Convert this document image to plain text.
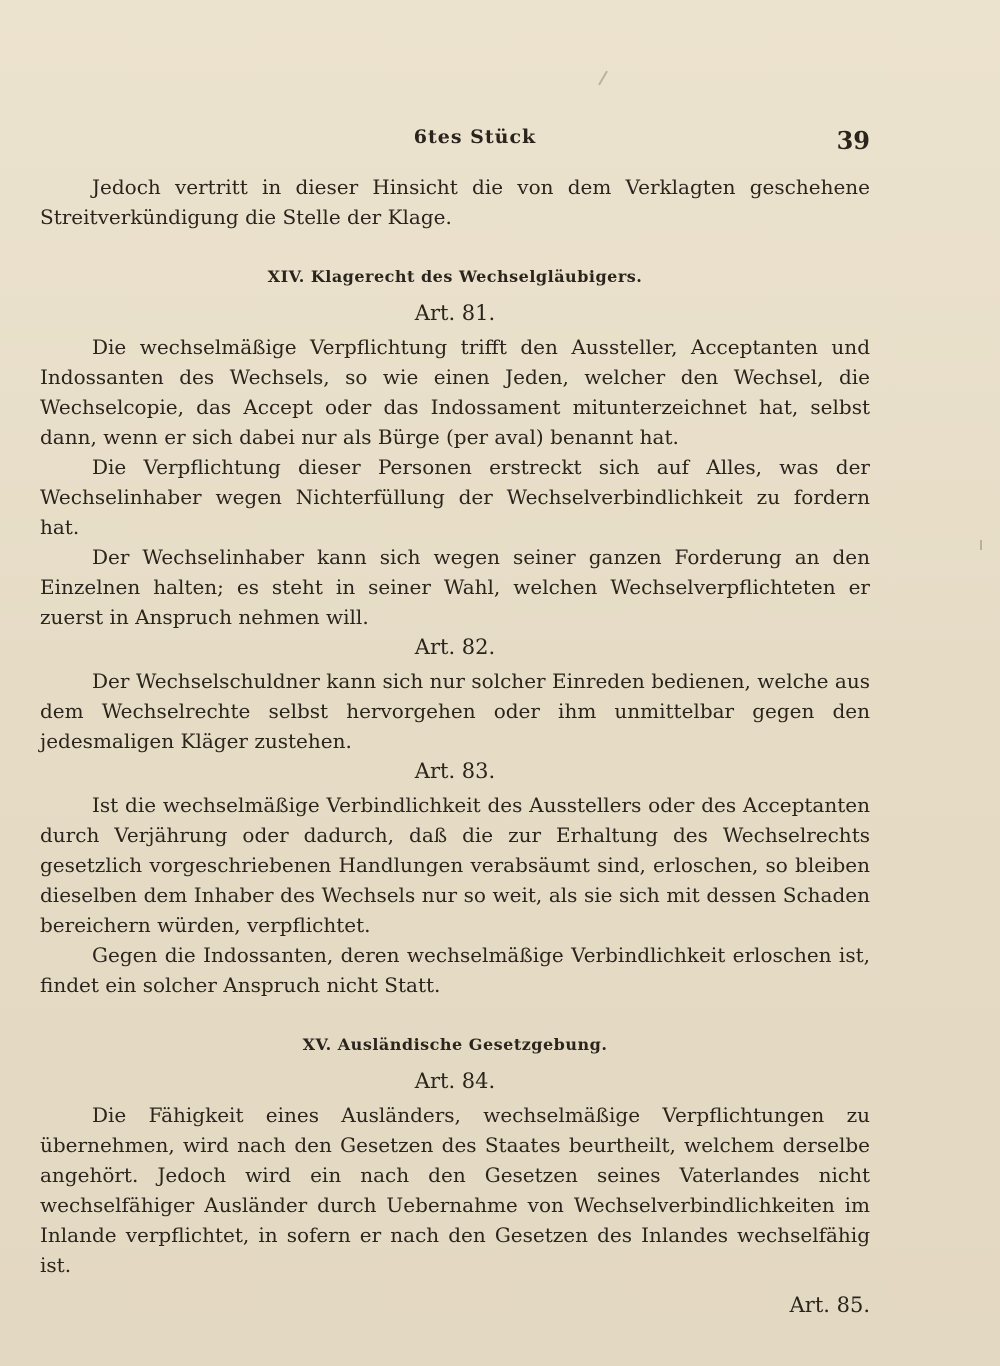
6tes Stück	39

Jedoch vertritt in dieser Hinsicht die von dem Verklagten geschehene Streitverkündigung die Stelle der Klage.

XIV. Klagerecht des Wechselgläubigers.
Art. 81.

Die wechselmäßige Verpflichtung trifft den Aussteller, Acceptanten und Indossanten des Wechsels, so wie einen Jeden, welcher den Wechsel, die Wechselcopie, das Accept oder das Indossament mitunterzeichnet hat, selbst dann, wenn er sich dabei nur als Bürge (per aval) benannt hat.

Die Verpflichtung dieser Personen erstreckt sich auf Alles, was der Wechselinhaber wegen Nichterfüllung der Wechselverbindlichkeit zu fordern hat.

Der Wechselinhaber kann sich wegen seiner ganzen Forderung an den Einzelnen halten; es steht in seiner Wahl, welchen Wechselverpflichteten er zuerst in Anspruch nehmen will.

Art. 82.

Der Wechselschuldner kann sich nur solcher Einreden bedienen, welche aus dem Wechselrechte selbst hervorgehen oder ihm unmittelbar gegen den jedesmaligen Kläger zustehen.

Art. 83.

Ist die wechselmäßige Verbindlichkeit des Ausstellers oder des Acceptanten durch Verjährung oder dadurch, daß die zur Erhaltung des Wechselrechts gesetzlich vorgeschriebenen Handlungen verabsäumt sind, erloschen, so bleiben dieselben dem Inhaber des Wechsels nur so weit, als sie sich mit dessen Schaden bereichern würden, verpflichtet.

Gegen die Indossanten, deren wechselmäßige Verbindlichkeit erloschen ist, findet ein solcher Anspruch nicht Statt.

XV. Ausländische Gesetzgebung.
Art. 84.

Die Fähigkeit eines Ausländers, wechselmäßige Verpflichtungen zu übernehmen, wird nach den Gesetzen des Staates beurtheilt, welchem derselbe angehört. Jedoch wird ein nach den Gesetzen seines Vaterlandes nicht wechselfähiger Ausländer durch Uebernahme von Wechselverbindlichkeiten im Inlande verpflichtet, in sofern er nach den Gesetzen des Inlandes wechselfähig ist.

Art. 85.
